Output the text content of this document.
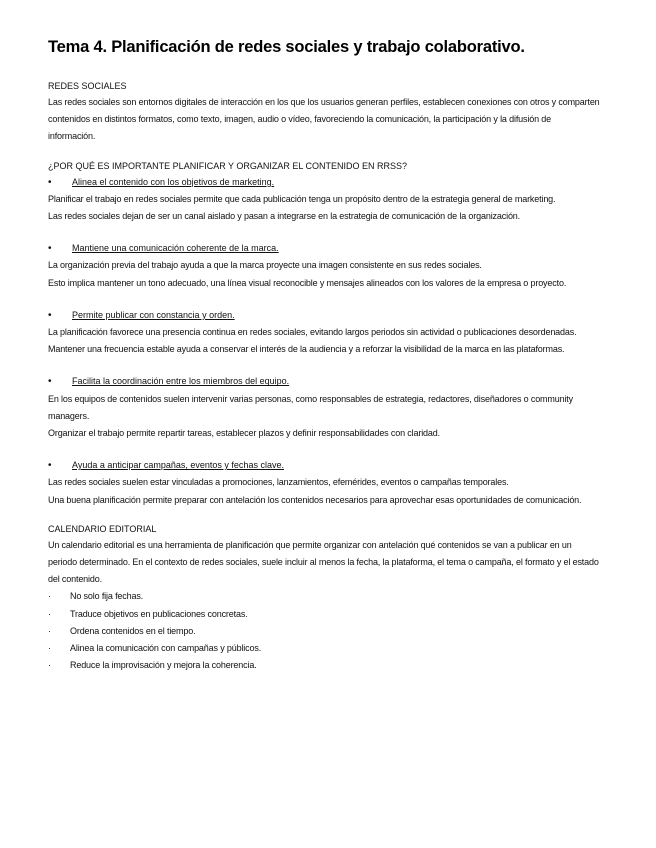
Tema 4. Planificación de redes sociales y trabajo colaborativo.
REDES SOCIALES

Las redes sociales son entornos digitales de interacción en los que los usuarios generan perfiles, establecen conexiones con otros y comparten contenidos en distintos formatos, como texto, imagen, audio o vídeo, favoreciendo la comunicación, la participación y la difusión de información.

¿POR QUÉ ES IMPORTANTE PLANIFICAR Y ORGANIZAR EL CONTENIDO EN RRSS?
•	Alinea el contenido con los objetivos de marketing.

Planificar el trabajo en redes sociales permite que cada publicación tenga un propósito dentro de la estrategia general de marketing.

Las redes sociales dejan de ser un canal aislado y pasan a integrarse en la estrategia de comunicación de la organización.

•	Mantiene una comunicación coherente de la marca.

La organización previa del trabajo ayuda a que la marca proyecte una imagen consistente en sus redes sociales.

Esto implica mantener un tono adecuado, una línea visual reconocible y mensajes alineados con los valores de la empresa o proyecto.

•	Permite publicar con constancia y orden.

La planificación favorece una presencia continua en redes sociales, evitando largos periodos sin actividad o publicaciones desordenadas.

Mantener una frecuencia estable ayuda a conservar el interés de la audiencia y a reforzar la visibilidad de la marca en las plataformas.

•	Facilita la coordinación entre los miembros del equipo.

En los equipos de contenidos suelen intervenir varias personas, como responsables de estrategia, redactores, diseñadores o community managers.

Organizar el trabajo permite repartir tareas, establecer plazos y definir responsabilidades con claridad.

•	Ayuda a anticipar campañas, eventos y fechas clave.

Las redes sociales suelen estar vinculadas a promociones, lanzamientos, efemérides, eventos o campañas temporales.

Una buena planificación permite preparar con antelación los contenidos necesarios para aprovechar esas oportunidades de comunicación.

CALENDARIO EDITORIAL

Un calendario editorial es una herramienta de planificación que permite organizar con antelación qué contenidos se van a publicar en un periodo determinado. En el contexto de redes sociales, suele incluir al menos la fecha, la plataforma, el tema o campaña, el formato y el estado del contenido.

·	No solo fija fechas.
·	Traduce objetivos en publicaciones concretas.
·	Ordena contenidos en el tiempo.
·	Alinea la comunicación con campañas y públicos.
·	Reduce la improvisación y mejora la coherencia.
